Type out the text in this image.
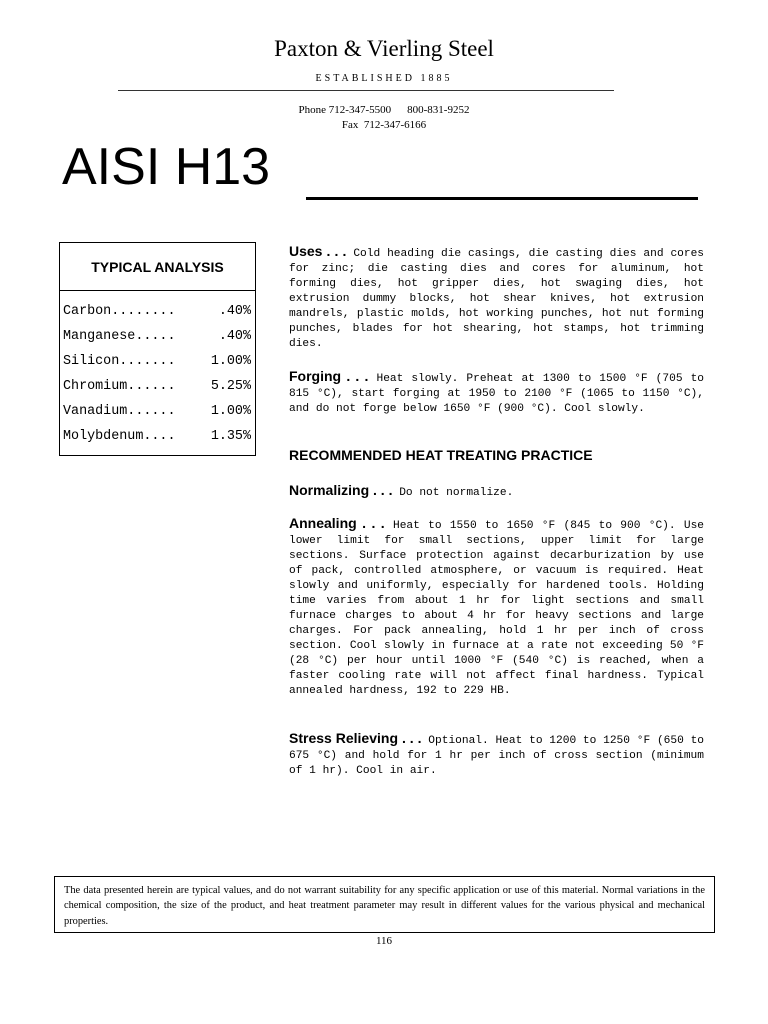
Paxton & Vierling Steel
ESTABLISHED 1885
Phone 712-347-5500 800-831-9252
Fax 712-347-6166
AISI H13
TYPICAL ANALYSIS
Carbon........	.40%
Manganese.....	.40%
Silicon.......	1.00%
Chromium......	5.25%
Vanadium......	1.00%
Molybdenum....	1.35%
Uses . . . Cold heading die casings, die casting dies and cores for zinc; die casting dies and cores for aluminum, hot forming dies, hot gripper dies, hot swaging dies, hot extrusion dummy blocks, hot shear knives, hot extrusion mandrels, plastic molds, hot working punches, hot nut forming punches, blades for hot shearing, hot stamps, hot trimming dies.
Forging . . . Heat slowly. Preheat at 1300 to 1500 °F (705 to 815 °C), start forging at 1950 to 2100 °F (1065 to 1150 °C), and do not forge below 1650 °F (900 °C). Cool slowly.
RECOMMENDED HEAT TREATING PRACTICE
Normalizing . . . Do not normalize.
Annealing . . . Heat to 1550 to 1650 °F (845 to 900 °C). Use lower limit for small sections, upper limit for large sections. Surface protection against decarburization by use of pack, controlled atmosphere, or vacuum is required. Heat slowly and uniformly, especially for hardened tools. Holding time varies from about 1 hr for light sections and small furnace charges to about 4 hr for heavy sections and large charges. For pack annealing, hold 1 hr per inch of cross section. Cool slowly in furnace at a rate not exceeding 50 °F (28 °C) per hour until 1000 °F (540 °C) is reached, when a faster cooling rate will not affect final hardness. Typical annealed hardness, 192 to 229 HB.
Stress Relieving . . . Optional. Heat to 1200 to 1250 °F (650 to 675 °C) and hold for 1 hr per inch of cross section (minimum of 1 hr). Cool in air.
The data presented herein are typical values, and do not warrant suitability for any specific application or use of this material. Normal variations in the chemical composition, the size of the product, and heat treatment parameter may result in different values for the various physical and mechanical properties.
116
